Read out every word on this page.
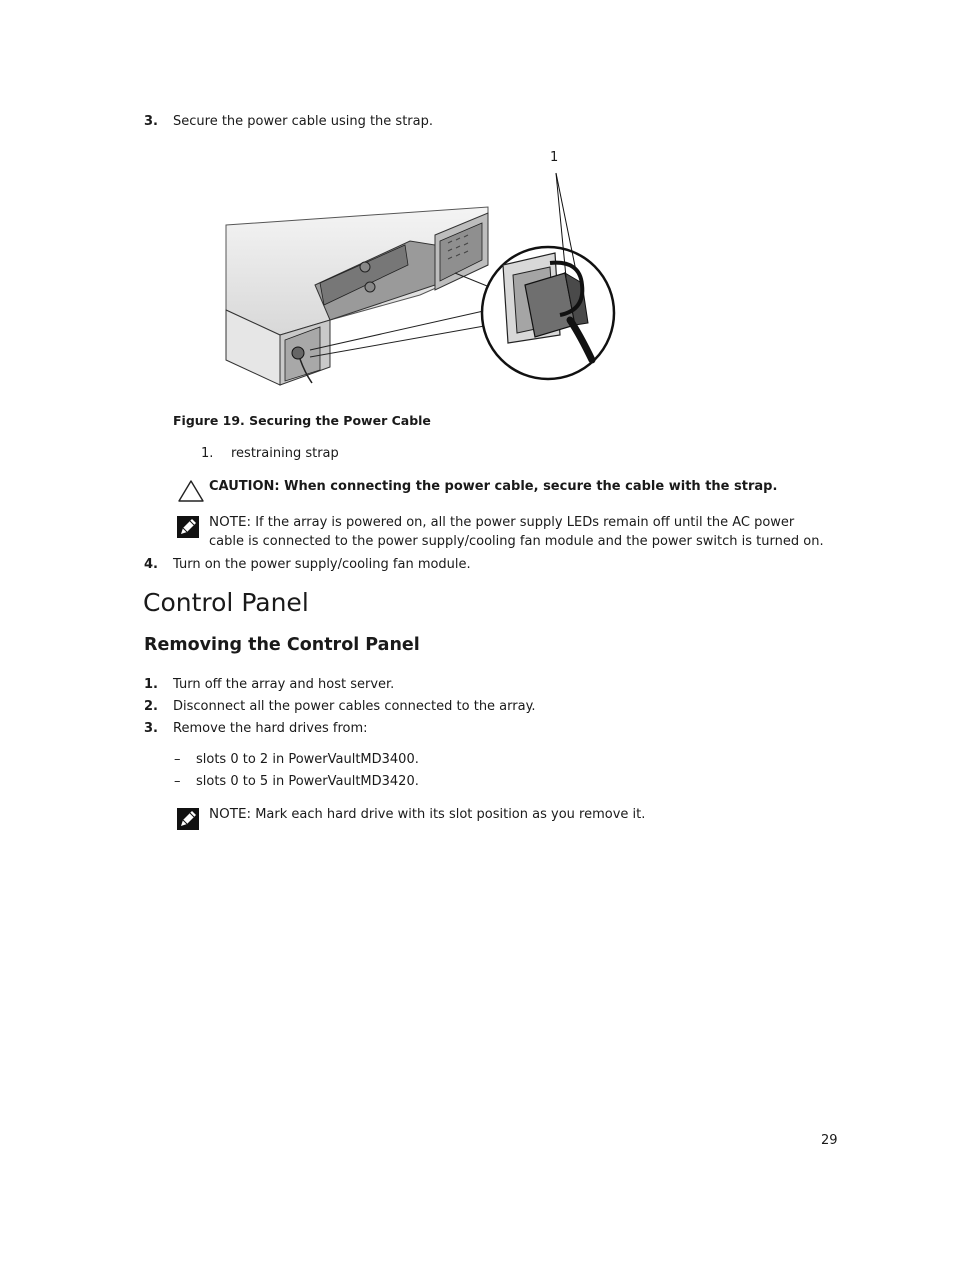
3. Secure the power cable using the strap.
1
Figure 19. Securing the Power Cable
1. restraining strap
CAUTION: When connecting the power cable, secure the cable with the strap.
NOTE: If the array is powered on, all the power supply LEDs remain off until the AC power
cable is connected to the power supply/cooling fan module and the power switch is turned on.
4. Turn on the power supply/cooling fan module.
Control Panel
Removing the Control Panel
1. Turn off the array and host server.
2. Disconnect all the power cables connected to the array.
3. Remove the hard drives from:
– slots 0 to 2 in PowerVaultMD3400.
– slots 0 to 5 in PowerVaultMD3420.
NOTE: Mark each hard drive with its slot position as you remove it.
29
